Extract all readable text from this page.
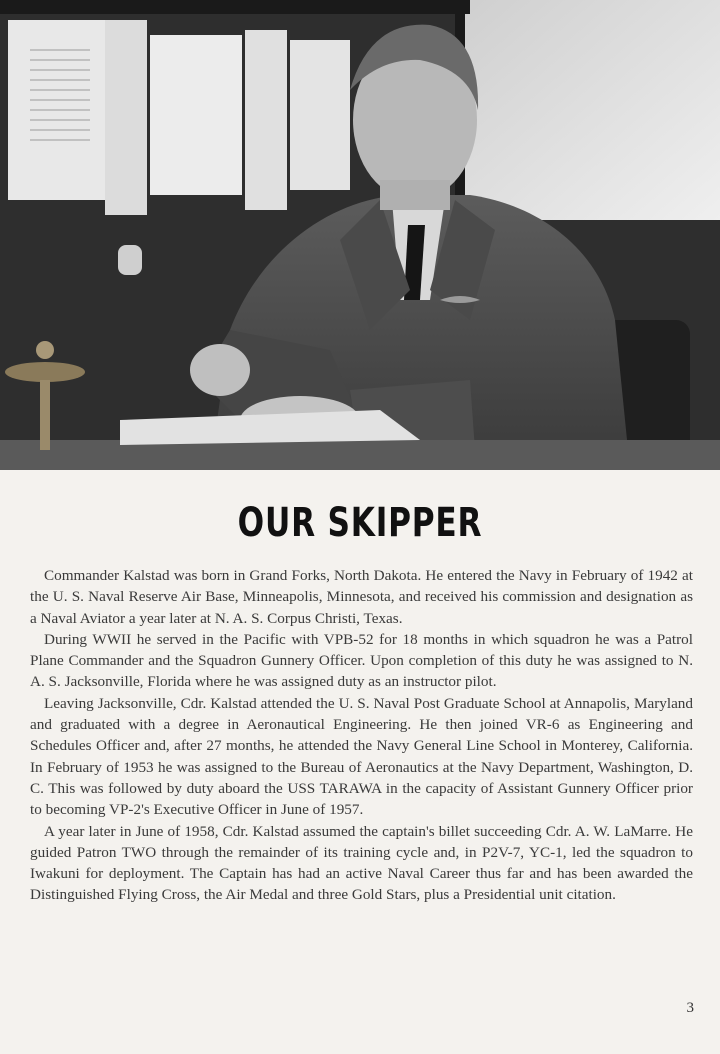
OUR SKIPPER

Commander Kalstad was born in Grand Forks, North Dakota. He entered the Navy in February of 1942 at the U. S. Naval Reserve Air Base, Minneapolis, Minnesota, and received his commission and designation as a Naval Aviator a year later at N. A. S. Corpus Christi, Texas.

During WWII he served in the Pacific with VPB-52 for 18 months in which squadron he was a Patrol Plane Commander and the Squadron Gunnery Officer. Upon completion of this duty he was assigned to N. A. S. Jacksonville, Florida where he was assigned duty as an instructor pilot.

Leaving Jacksonville, Cdr. Kalstad attended the U. S. Naval Post Graduate School at Annapolis, Maryland and graduated with a degree in Aeronautical Engineering. He then joined VR-6 as Engineering and Schedules Officer and, after 27 months, he attended the Navy General Line School in Monterey, California. In February of 1953 he was assigned to the Bureau of Aeronautics at the Navy Department, Washington, D. C. This was followed by duty aboard the USS TARAWA in the capacity of Assistant Gunnery Officer prior to becoming VP-2's Executive Officer in June of 1957.

A year later in June of 1958, Cdr. Kalstad assumed the captain's billet succeeding Cdr. A. W. LaMarre. He guided Patron TWO through the remainder of its training cycle and, in P2V-7, YC-1, led the squadron to Iwakuni for deployment. The Captain has had an active Naval Career thus far and has been awarded the Distinguished Flying Cross, the Air Medal and three Gold Stars, plus a Presidential unit citation.

3
